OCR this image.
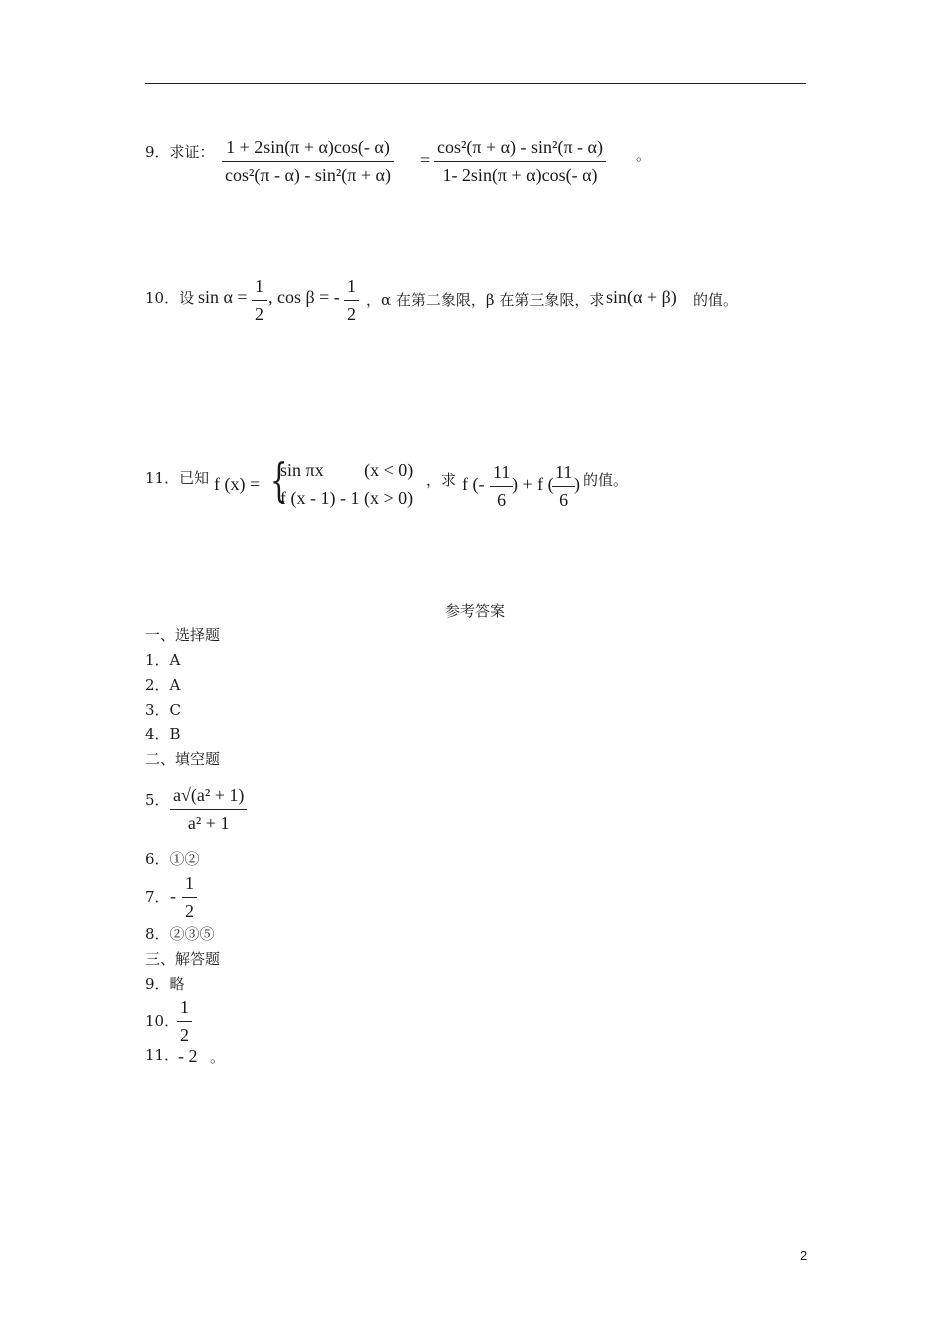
9．求证： $\frac{1 + 2\sin(\pi + \alpha)\cos(- \alpha)}{\text{cos²(π - α) - sin²(π + α)}} = \frac{\text{cos²(π + α) - sin²(π - α)}}{1- 2\sin(\pi + \alpha)\cos(- \alpha)}$ 。
10．设 $\sin \alpha = \frac{1}{2}$ , cos β = - $\frac{1}{2}$ ，α 在第二象限，β 在第三象限，求 sin(α + β) 的值。
11．已知 f (x) = {
sin πx         (x < 0)
f (x - 1) - 1 (x > 0)
，求 f (- $\frac{11}{6}$
) + f (
$\frac{11}{6}$
) 的值。
参考答案
一、选择题
1．A
2．A
3．C
4．B
二、填空题
5． $\frac{\text{a√(a² + 1)}}{\text{a² + 1}}$
6．①②
7． - $\frac{1}{2}$
8．②③⑤
三、解答题
9．略
10．
$\frac{1}{2}$
11．
- 2 。
2
